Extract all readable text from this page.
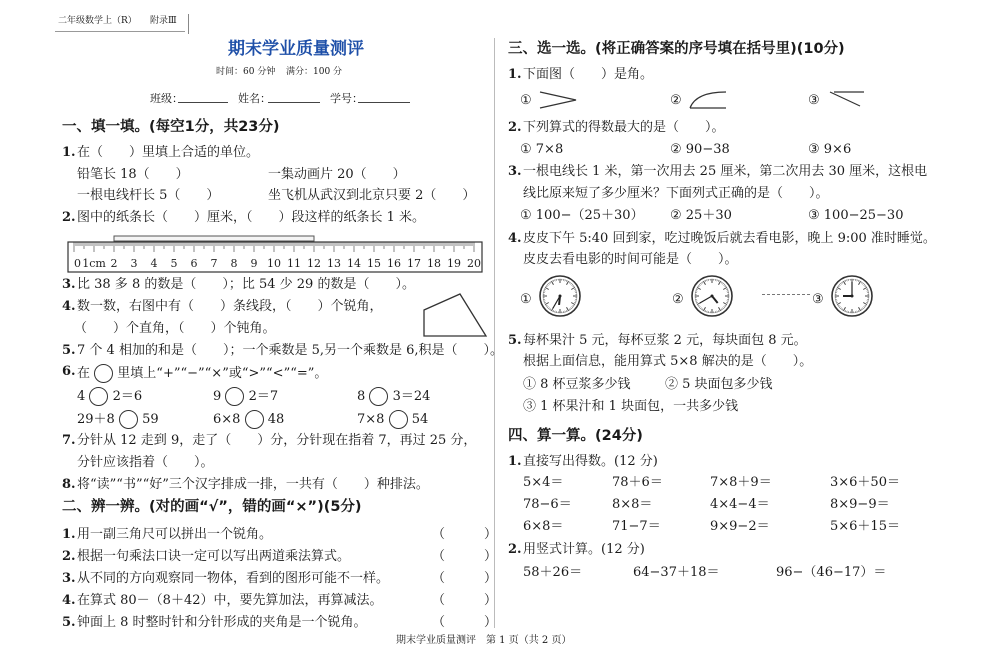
二年级数学上（R） 附录Ⅲ
期末学业质量测评
时间：60 分钟 满分：100 分
班级：	姓名：	学号：
一、填一填。(每空1分，共23分)
1. 在（　　）里填上合适的单位。
铅笔长 18（　　）	一集动画片 20（　　）
一根电线杆长 5（　　）	坐飞机从武汉到北京只要 2（　　）
2. 图中的纸条长（　　）厘米，（　　）段这样的纸条长 1 米。
0 1cm 2 3 4 5 6 7 8 9 10 11 12 13 14 15 16 17 18 19 20
3. 比 38 多 8 的数是（　　）；比 54 少 29 的数是（　　）。
4. 数一数，右图中有（　　）条线段，（　　）个锐角，
（　　）个直角，（　　）个钝角。
5. 7 个 4 相加的和是（　　）；一个乘数是 5,另一个乘数是 6,积是（　　）。
6. 在 里填上“+”“−”“×”或“>”“<”“=”。
4 2＝6	9 2＝7	8 3＝24
29＋8 59	6×8 48	7×8 54
7. 分针从 12 走到 9，走了（　　）分，分针现在指着 7，再过 25 分，
分针应该指着（　　）。
8. 将“读”“书”“好”三个汉字排成一排，一共有（　　）种排法。
二、辨一辨。(对的画“√”，错的画“×”)(5分)
1. 用一副三角尺可以拼出一个锐角。	（　　　）
2. 根据一句乘法口诀一定可以写出两道乘法算式。	（　　　）
3. 从不同的方向观察同一物体，看到的图形可能不一样。	（　　　）
4. 在算式 80－（8＋42）中，要先算加法，再算减法。	（　　　）
5. 钟面上 8 时整时针和分针形成的夹角是一个锐角。	（　　　）
三、选一选。(将正确答案的序号填在括号里)(10分)
1. 下面图（　　）是角。
①	②	③
2. 下列算式的得数最大的是（　　）。
① 7×8	② 90−38	③ 9×6
3. 一根电线长 1 米，第一次用去 25 厘米，第二次用去 30 厘米，这根电
线比原来短了多少厘米？下面列式正确的是（　　）。
① 100−（25＋30） ② 25＋30	③ 100−25−30
4. 皮皮下午 5:40 回到家，吃过晚饭后就去看电影，晚上 9:00 准时睡觉。
皮皮去看电影的时间可能是（　　）。
①	②	③
5. 每杯果汁 5 元，每杯豆浆 2 元，每块面包 8 元。
根据上面信息，能用算式 5×8 解决的是（　　）。
① 8 杯豆浆多少钱	② 5 块面包多少钱
③ 1 杯果汁和 1 块面包，一共多少钱
四、算一算。(24分)
1. 直接写出得数。(12 分)
5×4＝	78＋6＝	7×8＋9＝	3×6＋50＝
78−6＝	8×8＝	4×4−4＝	8×9−9＝
6×8＝	71−7＝	9×9−2＝	5×6＋15＝
2. 用竖式计算。(12 分)
58＋26＝	64−37＋18＝	96−（46−17）＝
期末学业质量测评　第 1 页（共 2 页）
